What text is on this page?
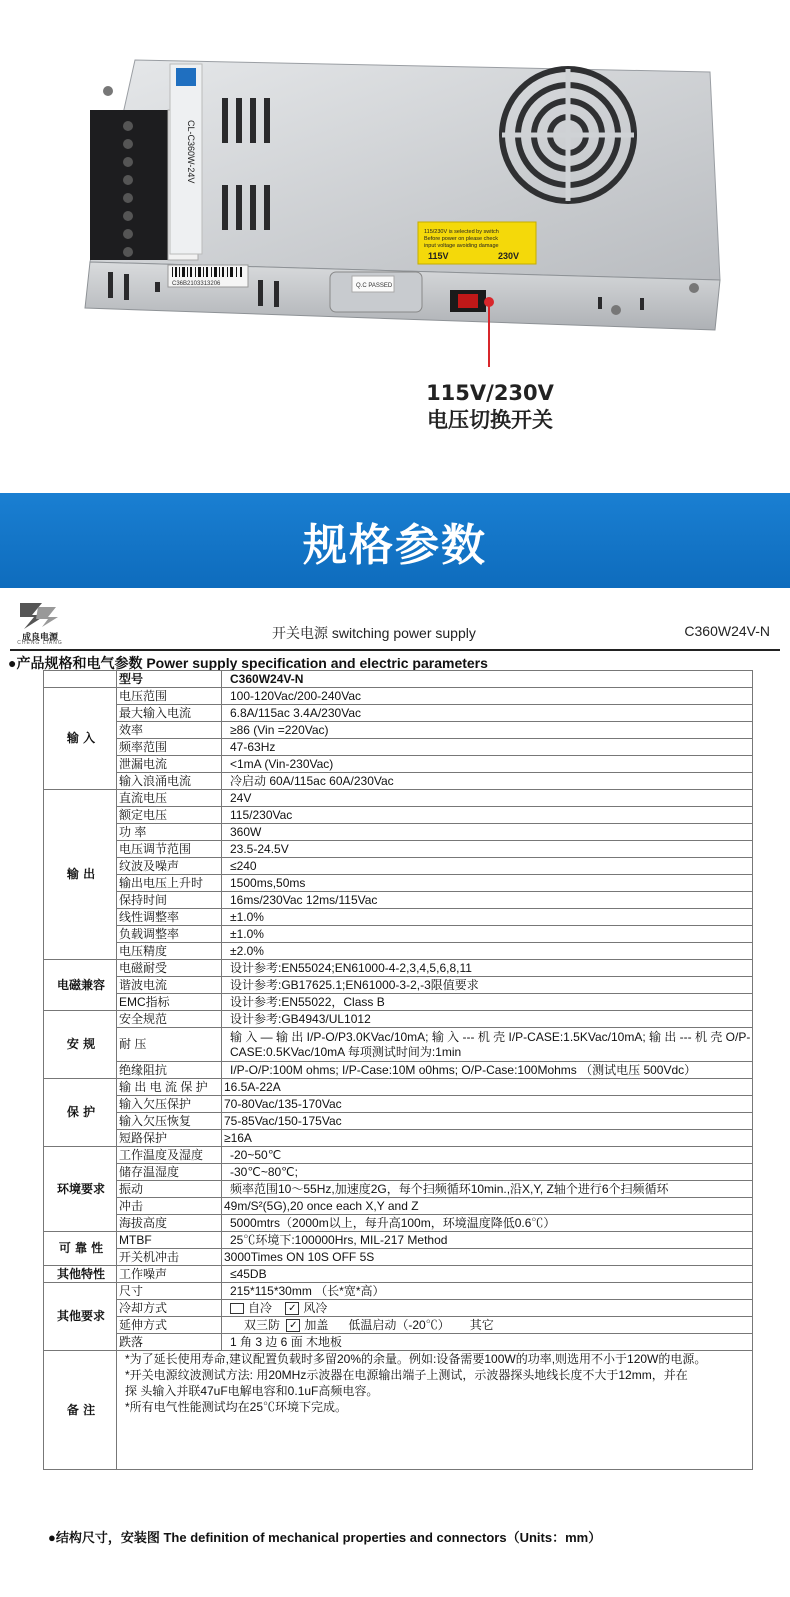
CL-C360W-24V
115/230V is selected by switch
Before power on please check
input voltage avoiding damage
115V	230V
C36B2103313206	Q.C PASSED
115V/230V
电压切换开关
规格参数
成良电源
CHENG LIANG
开关电源 switching power supply	C360W24V-N
●产品规格和电气参数 Power supply specification and electric parameters
	型号	C360W24V-N
输 入	电压范围	100-120Vac/200-240Vac
	最大输入电流	6.8A/115ac 3.4A/230Vac
	效率	≥86 (Vin =220Vac)
	频率范围	47-63Hz
	泄漏电流	<1mA (Vin-230Vac)
	输入浪涌电流	冷启动 60A/115ac 60A/230Vac
输 出	直流电压	24V
	额定电压	115/230Vac
	功 率	360W
	电压调节范围	23.5-24.5V
	纹波及噪声	≤240
	输出电压上升时	1500ms,50ms
	保持时间	16ms/230Vac 12ms/115Vac
	线性调整率	±1.0%
	负载调整率	±1.0%
	电压精度	±2.0%
电磁兼容	电磁耐受	设计参考:EN55024;EN61000-4-2,3,4,5,6,8,11
	谐波电流	设计参考:GB17625.1;EN61000-3-2,-3限值要求
	EMC指标	设计参考:EN55022，Class B
安 规	安全规范	设计参考:GB4943/UL1012
	耐 压	输 入 — 输 出 I/P-O/P3.0KVac/10mA; 输 入 --- 机 壳 I/P-CASE:1.5KVac/10mA; 输 出 --- 机 壳 O/P-CASE:0.5KVac/10mA 每项测试时间为:1min
	绝缘阻抗	I/P-O/P:100M ohms; I/P-Case:10M o0hms; O/P-Case:100Mohms （测试电压 500Vdc）
保 护	输 出 电 流 保 护	16.5A-22A
	输入欠压保护	70-80Vac/135-170Vac
	输入欠压恢复	75-85Vac/150-175Vac
	短路保护	≥16A
环境要求	工作温度及湿度	-20~50℃
	储存温湿度	-30℃~80℃;
	振动	频率范围10～55Hz,加速度2G，每个扫频循环10min.,沿X,Y, Z轴个进行6个扫频循环
	冲击	49m/S²(5G),20 once each X,Y and Z
	海拔高度	5000mtrs（2000m以上，每升高100m，环境温度降低0.6℃）
可 靠 性	MTBF	25℃环境下:100000Hrs, MIL-217 Method
	开关机冲击	3000Times ON 10S OFF 5S
其他特性	工作噪声	≤45DB
其他要求	尺寸	215*115*30mm （长*宽*高）
	冷却方式	自冷 ✓ 风冷
	延伸方式	双三防 ✓ 加盖 低温启动（-20℃） 其它
	跌落	1 角 3 边 6 面 木地板
备 注	*为了延长使用寿命,建议配置负载时多留20%的余量。例如:设备需要100W的功率,则选用不小于120W的电源。
*开关电源纹波测试方法: 用20MHz示波器在电源输出端子上测试，示波器探头地线长度不大于12mm，并在
探 头输入并联47uF电解电容和0.1uF高频电容。
*所有电气性能测试均在25℃环境下完成。	
●结构尺寸，安装图 The definition of mechanical properties and connectors（Units：mm）
